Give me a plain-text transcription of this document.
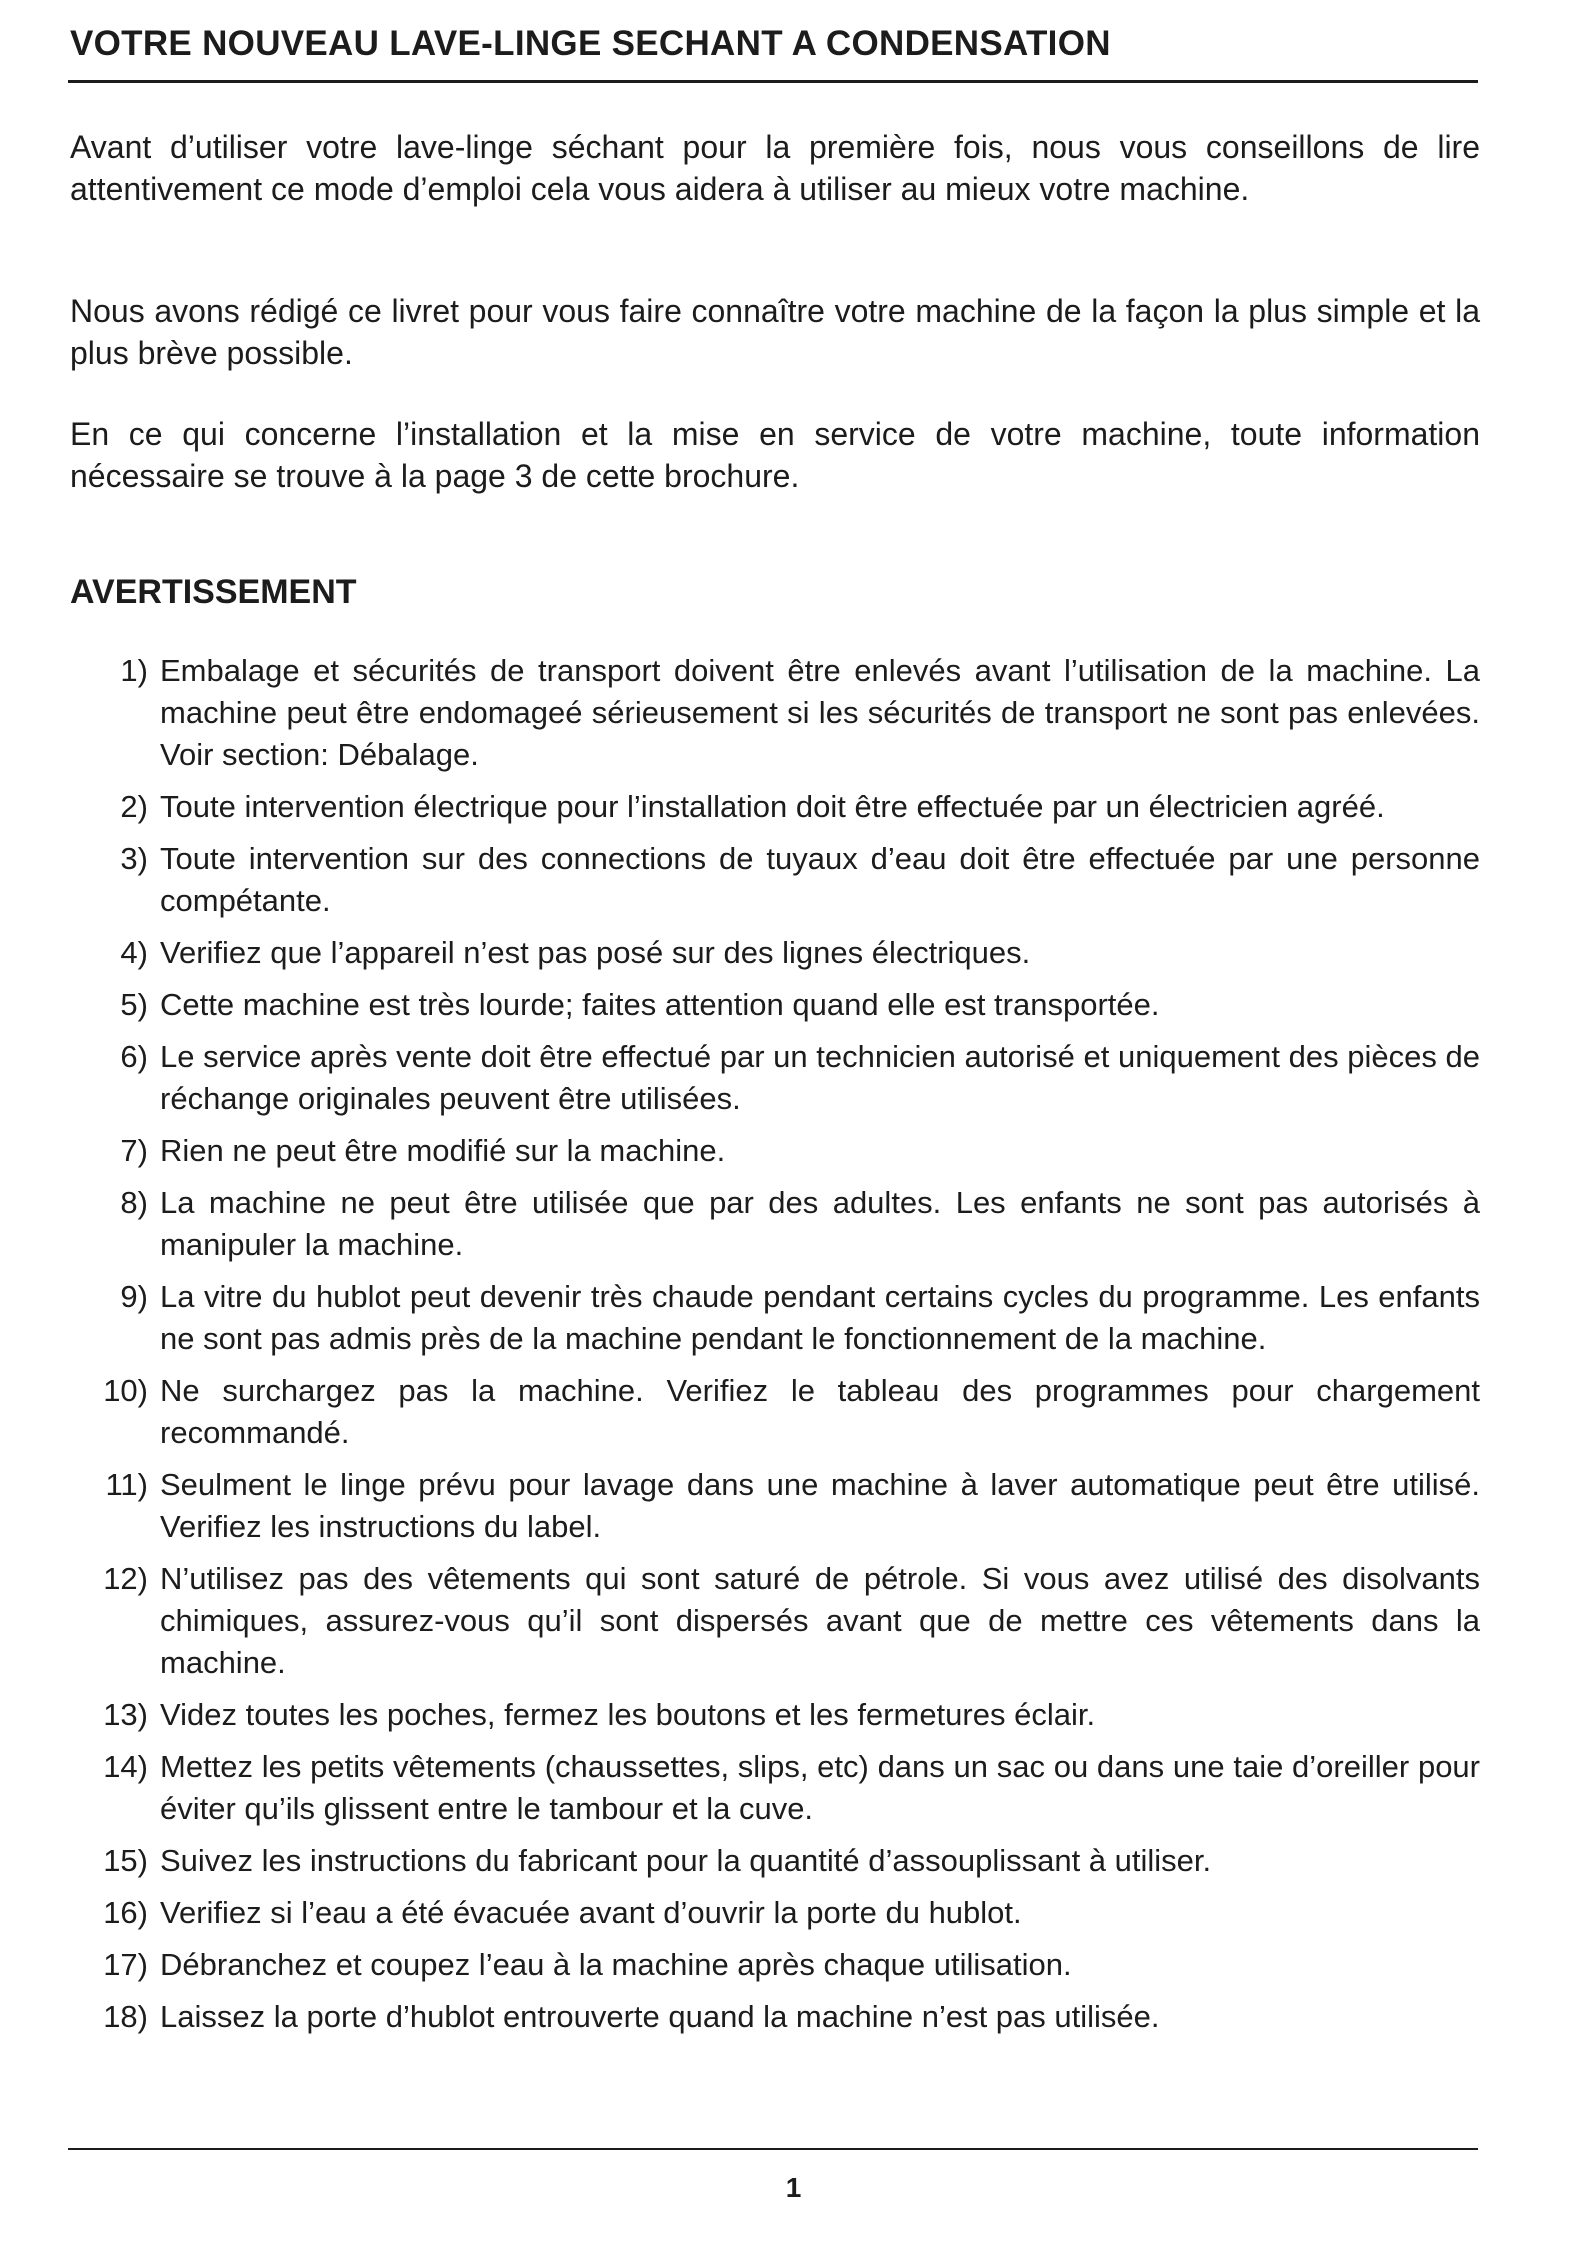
VOTRE NOUVEAU LAVE-LINGE SECHANT A CONDENSATION

Avant d’utiliser votre lave-linge séchant pour la première fois, nous vous conseillons de lire attentivement ce mode d’emploi cela vous aidera à utiliser au mieux votre machine.

Nous avons rédigé ce livret pour vous faire connaître votre machine de la façon la plus simple et la plus brève possible.

En ce qui concerne l’installation et la mise en service de votre machine, toute information nécessaire se trouve à la page 3 de cette brochure.

AVERTISSEMENT
1) Embalage et sécurités de transport doivent être enlevés avant l’utilisation de la machine. La machine peut être endomageé sérieusement si les sécurités de transport ne sont pas enlevées. Voir section: Débalage.
2) Toute intervention électrique pour l’installation doit être effectuée par un électricien agréé.
3) Toute intervention sur des connections de tuyaux d’eau doit être effectuée par une personne compétante.
4) Verifiez que l’appareil n’est pas posé sur des lignes électriques.
5) Cette machine est très lourde; faites attention quand elle est transportée.
6) Le service après vente doit être effectué par un technicien autorisé et uniquement des pièces de réchange originales peuvent être utilisées.
7) Rien ne peut être modifié sur la machine.
8) La machine ne peut être utilisée que par des adultes. Les enfants ne sont pas autorisés à manipuler la machine.
9) La vitre du hublot peut devenir très chaude pendant certains cycles du programme. Les enfants ne sont pas admis près de la machine pendant le fonctionnement de la machine.
10) Ne surchargez pas la machine. Verifiez le tableau des programmes pour chargement recommandé.
11) Seulment le linge prévu pour lavage dans une machine à laver automatique peut être utilisé. Verifiez les instructions du label.
12) N’utilisez pas des vêtements qui sont saturé de pétrole. Si vous avez utilisé des disolvants chimiques, assurez-vous qu’il sont dispersés avant que de mettre ces vêtements dans la machine.
13) Videz toutes les poches, fermez les boutons et les fermetures éclair.
14) Mettez les petits vêtements (chaussettes, slips, etc) dans un sac ou dans une taie d’oreiller pour éviter qu’ils glissent entre le tambour et la cuve.
15) Suivez les instructions du fabricant pour la quantité d’assouplissant à utiliser.
16) Verifiez si l’eau a été évacuée avant d’ouvrir la porte du hublot.
17) Débranchez et coupez l’eau à la machine après chaque utilisation.
18) Laissez la porte d’hublot entrouverte quand la machine n’est pas utilisée.
1
